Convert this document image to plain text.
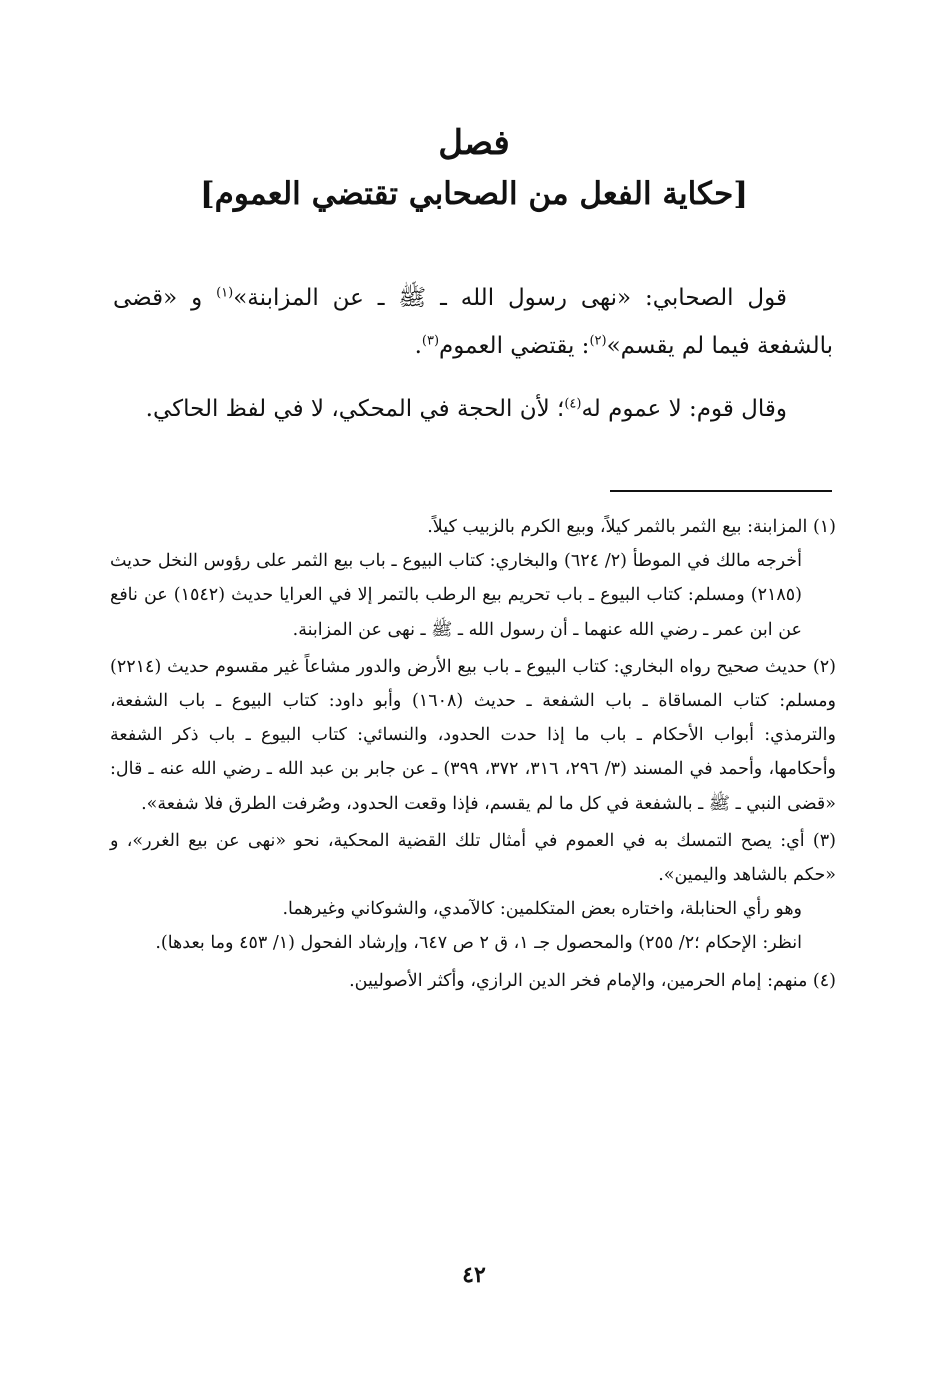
فصل

[حكاية الفعل من الصحابي تقتضي العموم]

قول الصحابي: «نهى رسول الله ـ ﷺ ـ عن المزابنة»$^{(١)}$ و «قضى بالشفعة فيما لم يقسم»$^{(٢)}$: يقتضي العموم$^{(٣)}$.

وقال قوم: لا عموم له$^{(٤)}$؛ لأن الحجة في المحكي، لا في لفظ الحاكي.

(١) المزابنة: بيع الثمر بالثمر كيلاً، وبيع الكرم بالزبيب كيلاً.
أخرجه مالك في الموطأ (٢/ ٦٢٤) والبخاري: كتاب البيوع ـ باب بيع الثمر على رؤوس النخل حديث (٢١٨٥) ومسلم: كتاب البيوع ـ باب تحريم بيع الرطب بالتمر إلا في العرايا حديث (١٥٤٢) عن نافع عن ابن عمر ـ رضي الله عنهما ـ أن رسول الله ـ ﷺ ـ نهى عن المزابنة.
(٢) حديث صحيح رواه البخاري: كتاب البيوع ـ باب بيع الأرض والدور مشاعاً غير مقسوم حديث (٢٢١٤) ومسلم: كتاب المساقاة ـ باب الشفعة ـ حديث (١٦٠٨) وأبو داود: كتاب البيوع ـ باب الشفعة، والترمذي: أبواب الأحكام ـ باب ما إذا حدت الحدود، والنسائي: كتاب البيوع ـ باب ذكر الشفعة وأحكامها، وأحمد في المسند (٣/ ٢٩٦، ٣١٦، ٣٧٢، ٣٩٩) ـ عن جابر بن عبد الله ـ رضي الله عنه ـ قال: «قضى النبي ـ ﷺ ـ بالشفعة في كل ما لم يقسم، فإذا وقعت الحدود، وصُرفت الطرق فلا شفعة».
(٣) أي: يصح التمسك به في العموم في أمثال تلك القضية المحكية، نحو «نهى عن بيع الغرر»، و «حكم بالشاهد واليمين».
وهو رأي الحنابلة، واختاره بعض المتكلمين: كالآمدي، والشوكاني وغيرهما.
انظر: الإحكام ؛٢/ ٢٥٥) والمحصول جـ ١، ق ٢ ص ٦٤٧، وإرشاد الفحول (١/ ٤٥٣ وما بعدها).
(٤) منهم: إمام الحرمين، والإمام فخر الدين الرازي، وأكثر الأصوليين.
٤٢
